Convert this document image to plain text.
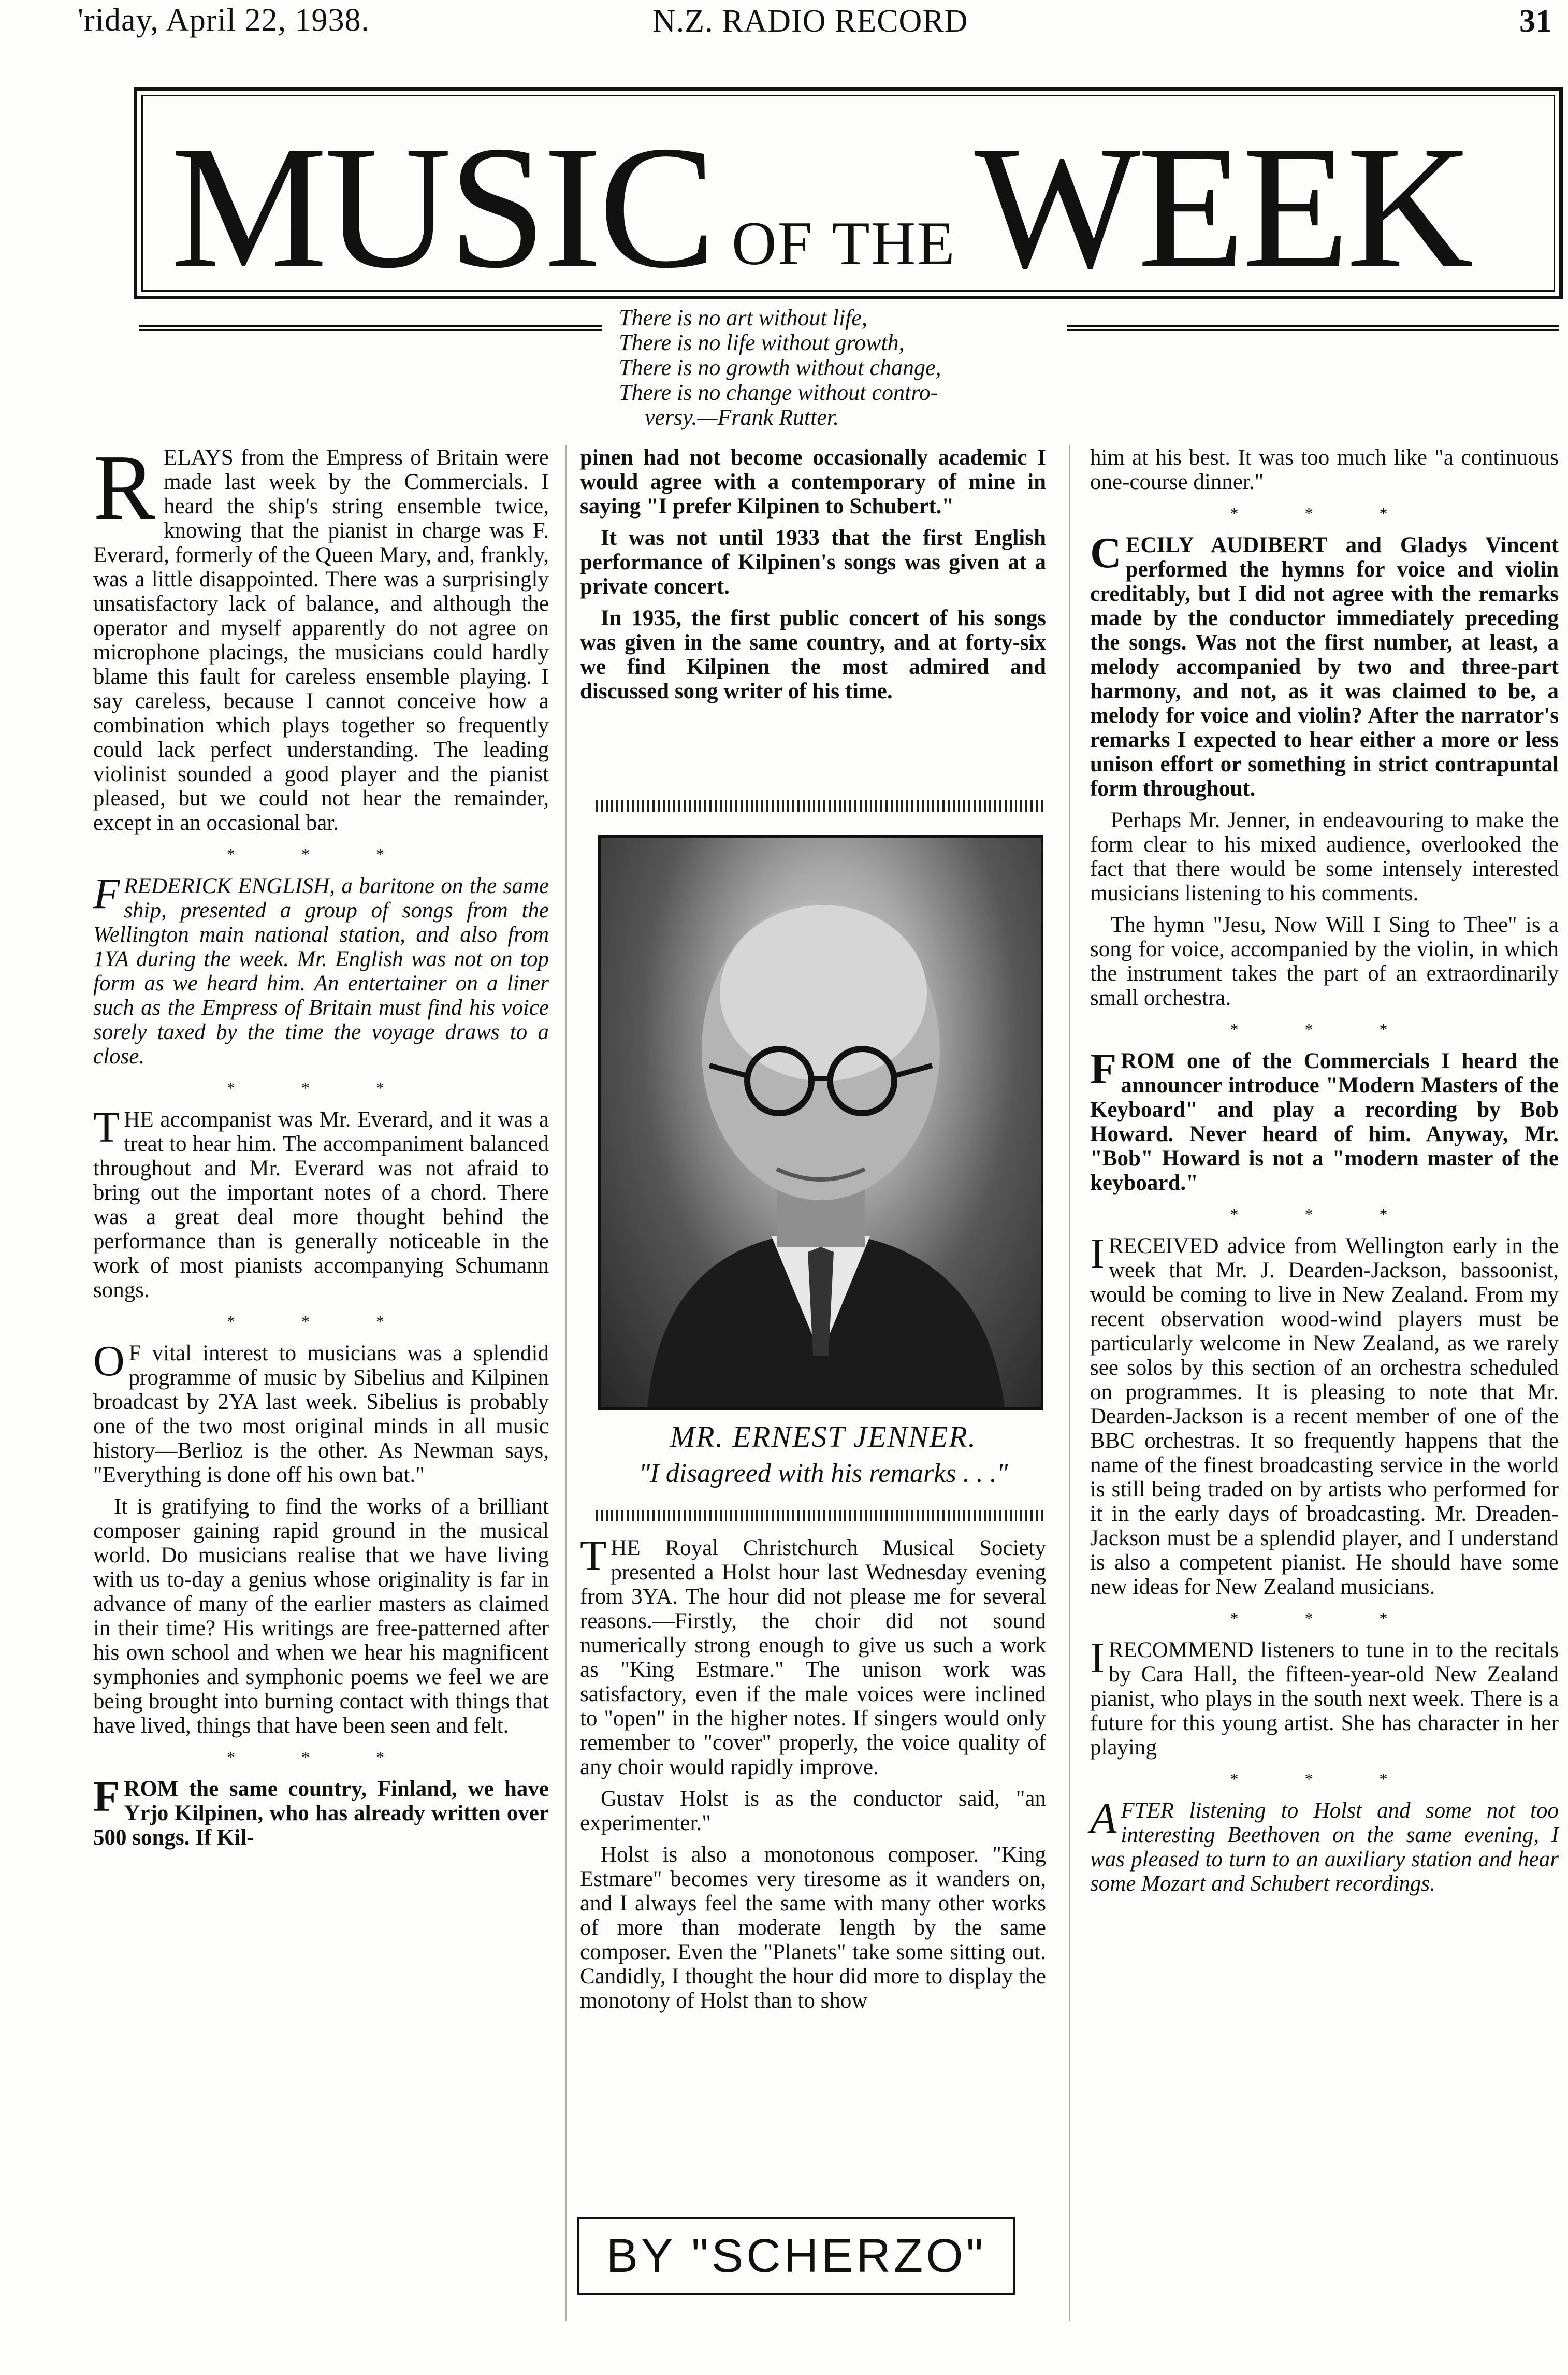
'riday, April 22, 1938.	N.Z. RADIO RECORD	31
MUSIC OF THE WEEK
There is no art without life,
There is no life without growth,
There is no growth without change,
There is no change without contro-
versy.—Frank Rutter.

RELAYS from the Empress of Britain were made last week by the Commercials. I heard the ship's string ensemble twice, knowing that the pianist in charge was F. Everard, formerly of the Queen Mary, and, frankly, was a little disappointed. There was a surprisingly unsatisfactory lack of balance, and although the operator and myself apparently do not agree on microphone placings, the musicians could hardly blame this fault for careless ensemble playing. I say careless, because I cannot conceive how a combination which plays together so frequently could lack perfect understanding. The leading violinist sounded a good player and the pianist pleased, but we could not hear the remainder, except in an occasional bar.

* * *

FREDERICK ENGLISH, a baritone on the same ship, presented a group of songs from the Wellington main national station, and also from 1YA during the week. Mr. English was not on top form as we heard him. An entertainer on a liner such as the Empress of Britain must find his voice sorely taxed by the time the voyage draws to a close.

* * *

THE accompanist was Mr. Everard, and it was a treat to hear him. The accompaniment balanced throughout and Mr. Everard was not afraid to bring out the important notes of a chord. There was a great deal more thought behind the performance than is generally noticeable in the work of most pianists accompanying Schumann songs.

* * *

O F vital interest to musicians was a splendid programme of music by Sibelius and Kilpinen broadcast by 2YA last week. Sibelius is probably one of the two most original minds in all music history—Berlioz is the other. As Newman says, "Everything is done off his own bat."

It is gratifying to find the works of a brilliant composer gaining rapid ground in the musical world. Do musicians realise that we have living with us to-day a genius whose originality is far in advance of many of the earlier masters as claimed in their time? His writings are free-patterned after his own school and when we hear his magnificent symphonies and symphonic poems we feel we are being brought into burning contact with things that have lived, things that have been seen and felt.

* * *

FROM the same country, Finland, we have Yrjo Kilpinen, who has already written over 500 songs. If Kil-

pinen had not become occasionally academic I would agree with a contemporary of mine in saying "I prefer Kilpinen to Schubert."

It was not until 1933 that the first English performance of Kilpinen's songs was given at a private concert.

In 1935, the first public concert of his songs was given in the same country, and at forty-six we find Kilpinen the most admired and discussed song writer of his time.

MR. ERNEST JENNER.
"I disagreed with his remarks . . ."

THE Royal Christchurch Musical Society presented a Holst hour last Wednesday evening from 3YA. The hour did not please me for several reasons.—Firstly, the choir did not sound numerically strong enough to give us such a work as "King Estmare." The unison work was satisfactory, even if the male voices were inclined to "open" in the higher notes. If singers would only remember to "cover" properly, the voice quality of any choir would rapidly improve.

Gustav Holst is as the conductor said, "an experimenter."

Holst is also a monotonous composer. "King Estmare" becomes very tiresome as it wanders on, and I always feel the same with many other works of more than moderate length by the same composer. Even the "Planets" take some sitting out. Candidly, I thought the hour did more to display the monotony of Holst than to show

BY "SCHERZO"

him at his best. It was too much like "a continuous one-course dinner."

* * *

CECILY AUDIBERT and Gladys Vincent performed the hymns for voice and violin creditably, but I did not agree with the remarks made by the conductor immediately preceding the songs. Was not the first number, at least, a melody accompanied by two and three-part harmony, and not, as it was claimed to be, a melody for voice and violin? After the narrator's remarks I expected to hear either a more or less unison effort or something in strict contrapuntal form throughout.

Perhaps Mr. Jenner, in endeavouring to make the form clear to his mixed audience, overlooked the fact that there would be some intensely interested musicians listening to his comments.

The hymn "Jesu, Now Will I Sing to Thee" is a song for voice, accompanied by the violin, in which the instrument takes the part of an extraordinarily small orchestra.

* * *

FROM one of the Commercials I heard the announcer introduce "Modern Masters of the Keyboard" and play a recording by Bob Howard. Never heard of him. Anyway, Mr. "Bob" Howard is not a "modern master of the keyboard."

* * *

IRECEIVED advice from Wellington early in the week that Mr. J. Dearden-Jackson, bassoonist, would be coming to live in New Zealand. From my recent observation wood-wind players must be particularly welcome in New Zealand, as we rarely see solos by this section of an orchestra scheduled on programmes. It is pleasing to note that Mr. Dearden-Jackson is a recent member of one of the BBC orchestras. It so frequently happens that the name of the finest broadcasting service in the world is still being traded on by artists who performed for it in the early days of broadcasting. Mr. Dreaden-Jackson must be a splendid player, and I understand is also a competent pianist. He should have some new ideas for New Zealand musicians.

* * *

IRECOMMEND listeners to tune in to the recitals by Cara Hall, the fifteen-year-old New Zealand pianist, who plays in the south next week. There is a future for this young artist. She has character in her playing

* * *

AFTER listening to Holst and some not too interesting Beethoven on the same evening, I was pleased to turn to an auxiliary station and hear some Mozart and Schubert recordings.
